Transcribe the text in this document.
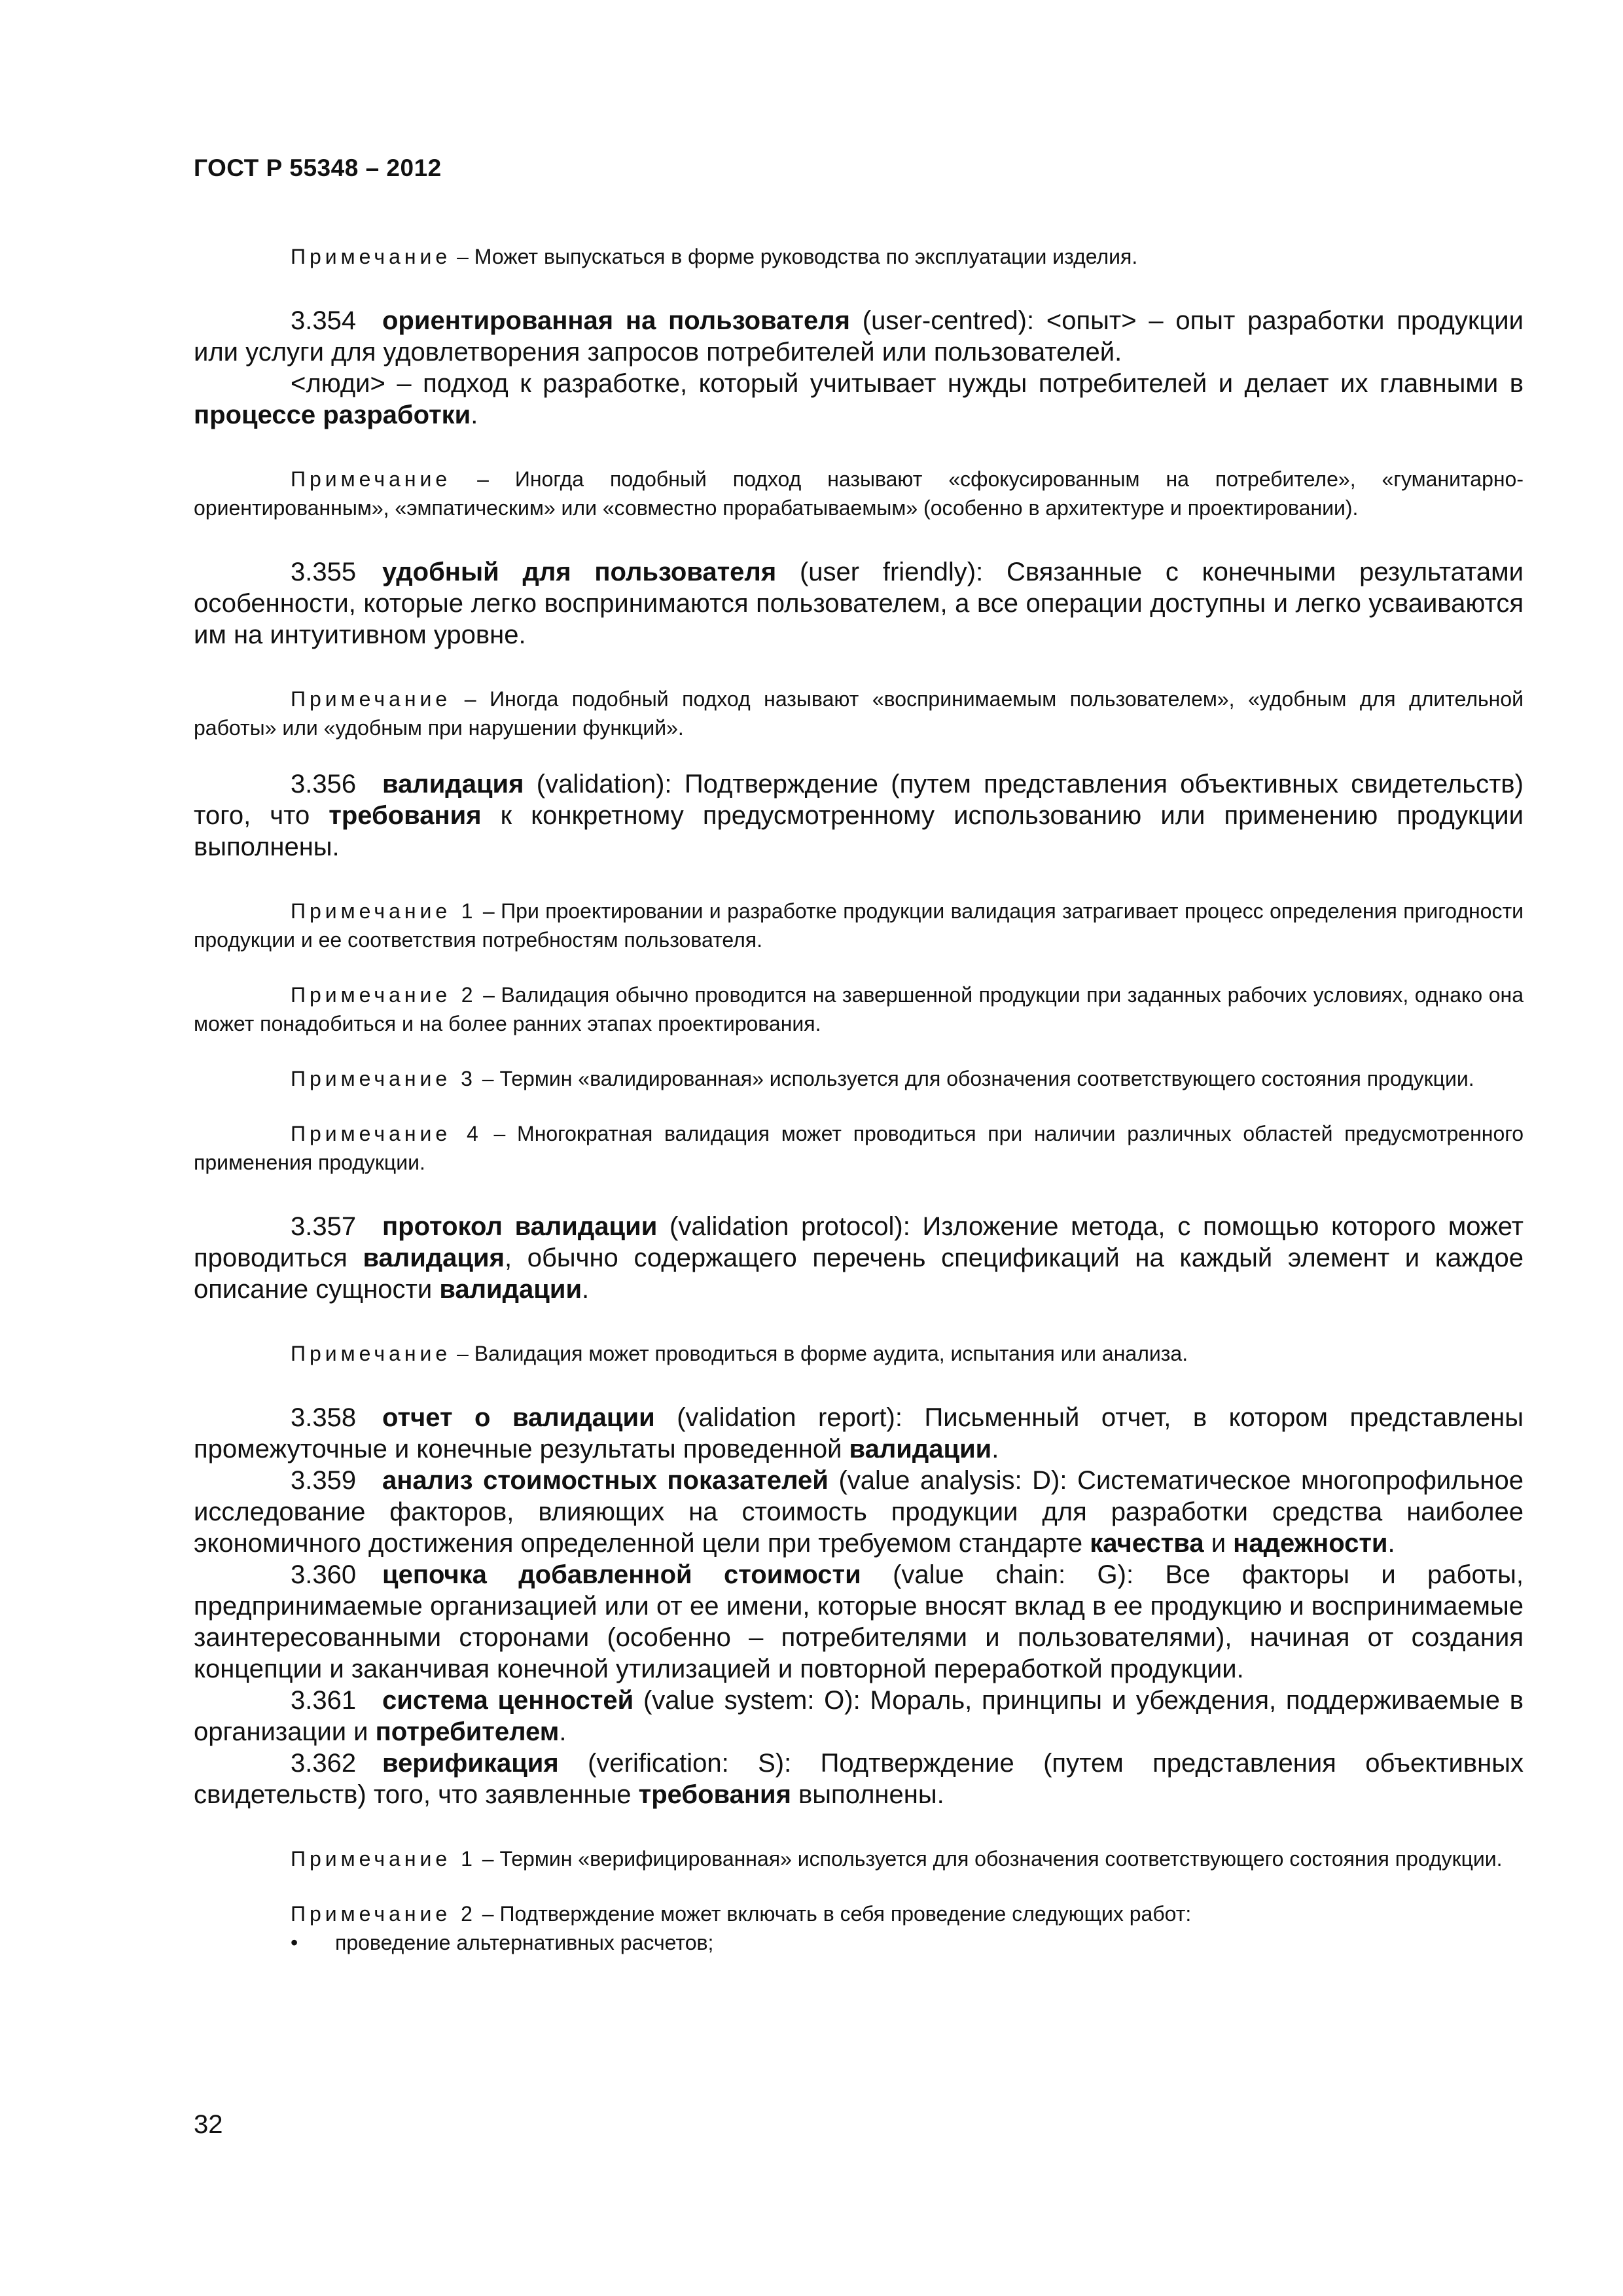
ГОСТ Р 55348 – 2012

Примечание – Может выпускаться в форме руководства по эксплуатации изделия.

3.354 ориентированная на пользователя (user-centred): <опыт> – опыт разработки продукции или услуги для удовлетворения запросов потребителей или пользователей.

<люди> – подход к разработке, который учитывает нужды потребителей и делает их главными в процессе разработки.

Примечание – Иногда подобный подход называют «сфокусированным на потребителе», «гуманитарно-ориентированным», «эмпатическим» или «совместно прорабатываемым» (особенно в архитектуре и проектировании).

3.355 удобный для пользователя (user friendly): Связанные с конечными результатами особенности, которые легко воспринимаются пользователем, а все операции доступны и легко усваиваются им на интуитивном уровне.

Примечание – Иногда подобный подход называют «воспринимаемым пользователем», «удобным для длительной работы» или «удобным при нарушении функций».

3.356 валидация (validation): Подтверждение (путем представления объективных свидетельств) того, что требования к конкретному предусмотренному использованию или применению продукции выполнены.

Примечание 1 – При проектировании и разработке продукции валидация затрагивает процесс определения пригодности продукции и ее соответствия потребностям пользователя.

Примечание 2 – Валидация обычно проводится на завершенной продукции при заданных рабочих условиях, однако она может понадобиться и на более ранних этапах проектирования.

Примечание 3 – Термин «валидированная» используется для обозначения соответствующего состояния продукции.

Примечание 4 – Многократная валидация может проводиться при наличии различных областей предусмотренного применения продукции.

3.357 протокол валидации (validation protocol): Изложение метода, с помощью которого может проводиться валидация, обычно содержащего перечень спецификаций на каждый элемент и каждое описание сущности валидации.

Примечание – Валидация может проводиться в форме аудита, испытания или анализа.

3.358 отчет о валидации (validation report): Письменный отчет, в котором представлены промежуточные и конечные результаты проведенной валидации.

3.359 анализ стоимостных показателей (value analysis: D): Систематическое многопрофильное исследование факторов, влияющих на стоимость продукции для разработки средства наиболее экономичного достижения определенной цели при требуемом стандарте качества и надежности.

3.360 цепочка добавленной стоимости (value chain: G): Все факторы и работы, предпринимаемые организацией или от ее имени, которые вносят вклад в ее продукцию и воспринимаемые заинтересованными сторонами (особенно – потребителями и пользователями), начиная от создания концепции и заканчивая конечной утилизацией и повторной переработкой продукции.

3.361 система ценностей (value system: O): Мораль, принципы и убеждения, поддерживаемые в организации и потребителем.

3.362 верификация (verification: S): Подтверждение (путем представления объективных свидетельств) того, что заявленные требования выполнены.

Примечание 1 – Термин «верифицированная» используется для обозначения соответствующего состояния продукции.

Примечание 2 – Подтверждение может включать в себя проведение следующих работ:

• проведение альтернативных расчетов;

32
